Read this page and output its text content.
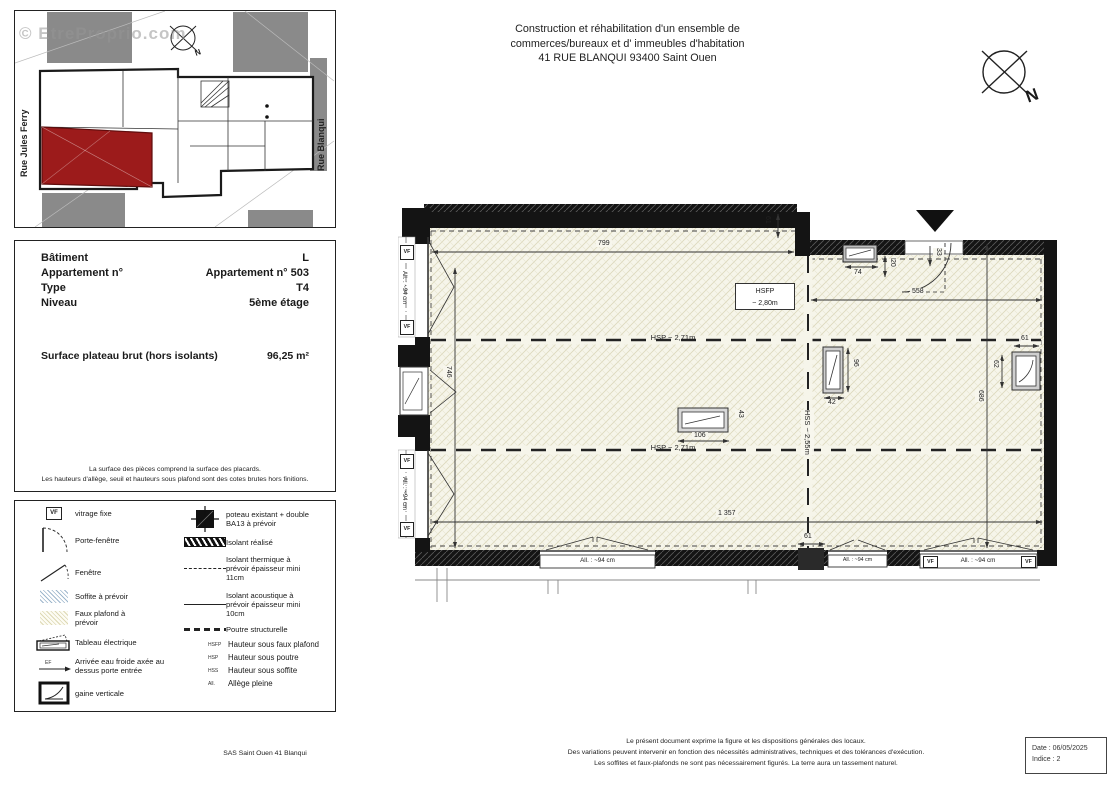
Construction et réhabilitation d'un ensemble de
commerces/bureaux et d' immeubles d'habitation
41 RUE BLANQUI 93400 Saint Ouen
N
N
© EtreProprio.com
Rue Jules Ferry	Rue Blanqui
Bâtiment	L
Appartement n°	Appartement n° 503
Type	T4
Niveau	5ème étage
Surface plateau brut (hors isolants)	96,25 m²
La surface des pièces comprend la surface des placards.
Les hauteurs d'allège, seuil et hauteurs sous plafond sont des cotes brutes hors finitions.
VF	vitrage fixe
Porte-fenêtre
Fenêtre
Soffite à prévoir
Faux plafond à prévoir
Tableau électrique
EF	Arrivée eau froide axée au dessus porte entrée
gaine verticale
poteau existant + double BA13 à prévoir
Isolant réalisé
Isolant thermique à prévoir épaisseur mini 11cm
Isolant acoustique à prévoir épaisseur mini 10cm
Poutre structurelle
HSFP Hauteur sous faux plafond
HSP	Hauteur sous poutre
HSS	Hauteur sous soffite
All.	Allège pleine
799
746
558
686
1 357
61
74
20
33
96
42
61
62
106
43
61
HSFP
~ 2,80m
HSP ~ 2,71m
HSP ~ 2,71m	HSS ~ 2,55m
All. : ~94 cm	All. : ~94 cm	All. : ~94 cm
All. : ~94 cm
All. : ~94 cm
VF
VF
VF
VF
VF	VF
SAS Saint Ouen 41 Blanqui
Le présent document exprime la figure et les dispositions générales des locaux.
Des variations peuvent intervenir en fonction des nécessités administratives, techniques et des tolérances d'exécution.
Les soffites et faux-plafonds ne sont pas nécessairement figurés. La terre aura un tassement naturel.
Date : 06/05/2025
Indice : 2
